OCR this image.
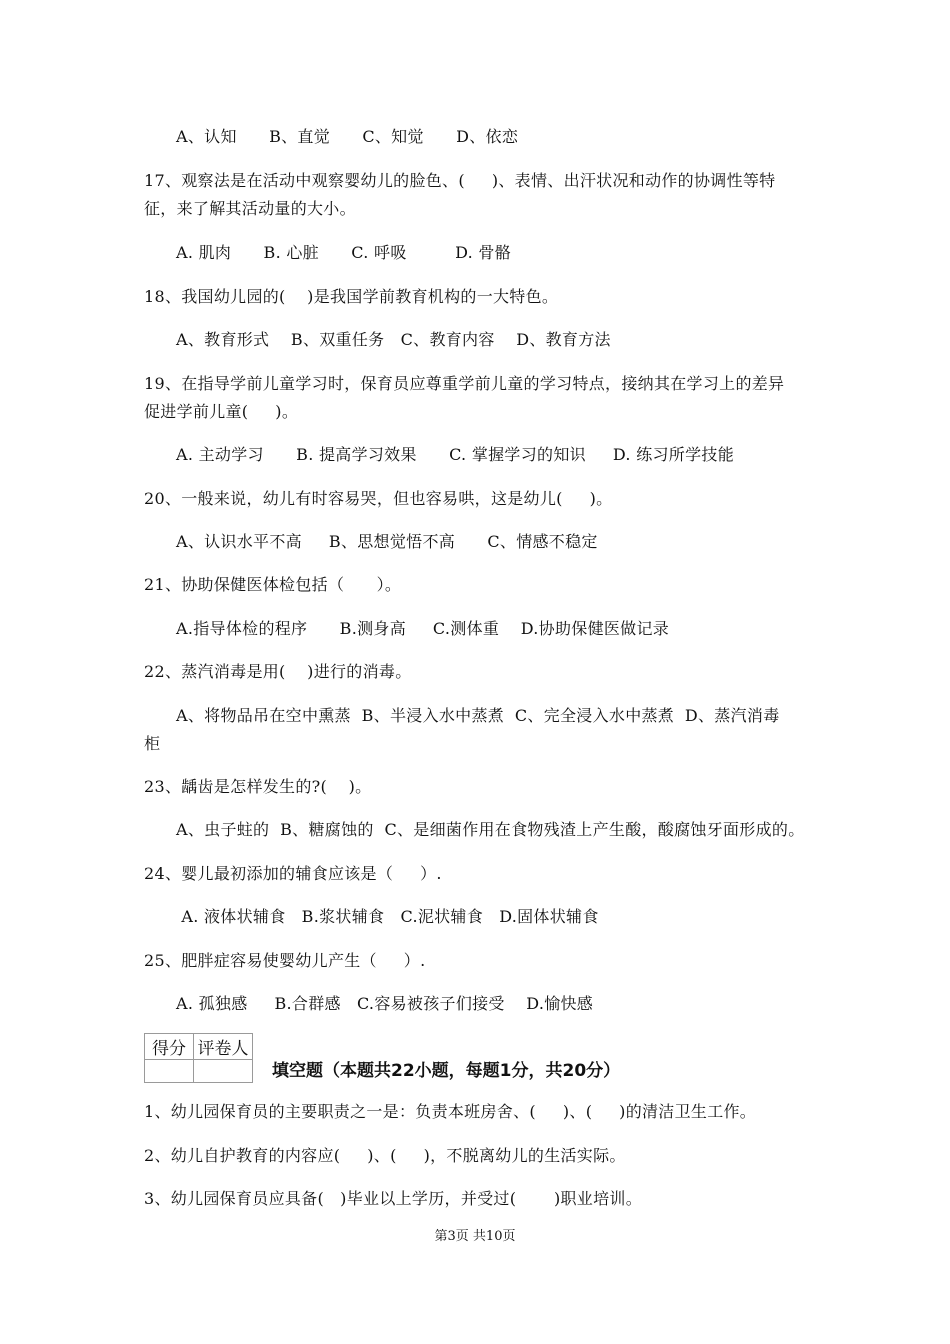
A、认知      B、直觉      C、知觉      D、依恋
17、观察法是在活动中观察婴幼儿的脸色、(     )、表情、出汗状况和动作的协调性等特
征，来了解其活动量的大小。
A. 肌肉      B. 心脏      C. 呼吸         D. 骨骼
18、我国幼儿园的(    )是我国学前教育机构的一大特色。
A、教育形式    B、双重任务   C、教育内容    D、教育方法
19、在指导学前儿童学习时，保育员应尊重学前儿童的学习特点，接纳其在学习上的差异
促进学前儿童(     )。
A. 主动学习      B. 提高学习效果      C. 掌握学习的知识     D. 练习所学技能
20、一般来说，幼儿有时容易哭，但也容易哄，这是幼儿(     )。
A、认识水平不高     B、思想觉悟不高      C、情感不稳定
21、协助保健医体检包括（      ）。
A.指导体检的程序      B.测身高     C.测体重    D.协助保健医做记录
22、蒸汽消毒是用(    )进行的消毒。
A、将物品吊在空中熏蒸  B、半浸入水中蒸煮  C、完全浸入水中蒸煮  D、蒸汽消毒
柜
23、龋齿是怎样发生的?(    )。
A、虫子蛀的  B、糖腐蚀的  C、是细菌作用在食物残渣上产生酸，酸腐蚀牙面形成的。
24、婴儿最初添加的辅食应该是（     ）.
A. 液体状辅食   B.浆状辅食   C.泥状辅食   D.固体状辅食
25、肥胖症容易使婴幼儿产生（     ）.
A. 孤独感     B.合群感   C.容易被孩子们接受    D.愉快感
得分	评卷人

填空题（本题共22小题，每题1分，共20分）
1、幼儿园保育员的主要职责之一是：负责本班房舍、(     )、(     )的清洁卫生工作。
2、幼儿自护教育的内容应(     )、(     )，不脱离幼儿的生活实际。
3、幼儿园保育员应具备(   )毕业以上学历，并受过(       )职业培训。
第3页 共10页
